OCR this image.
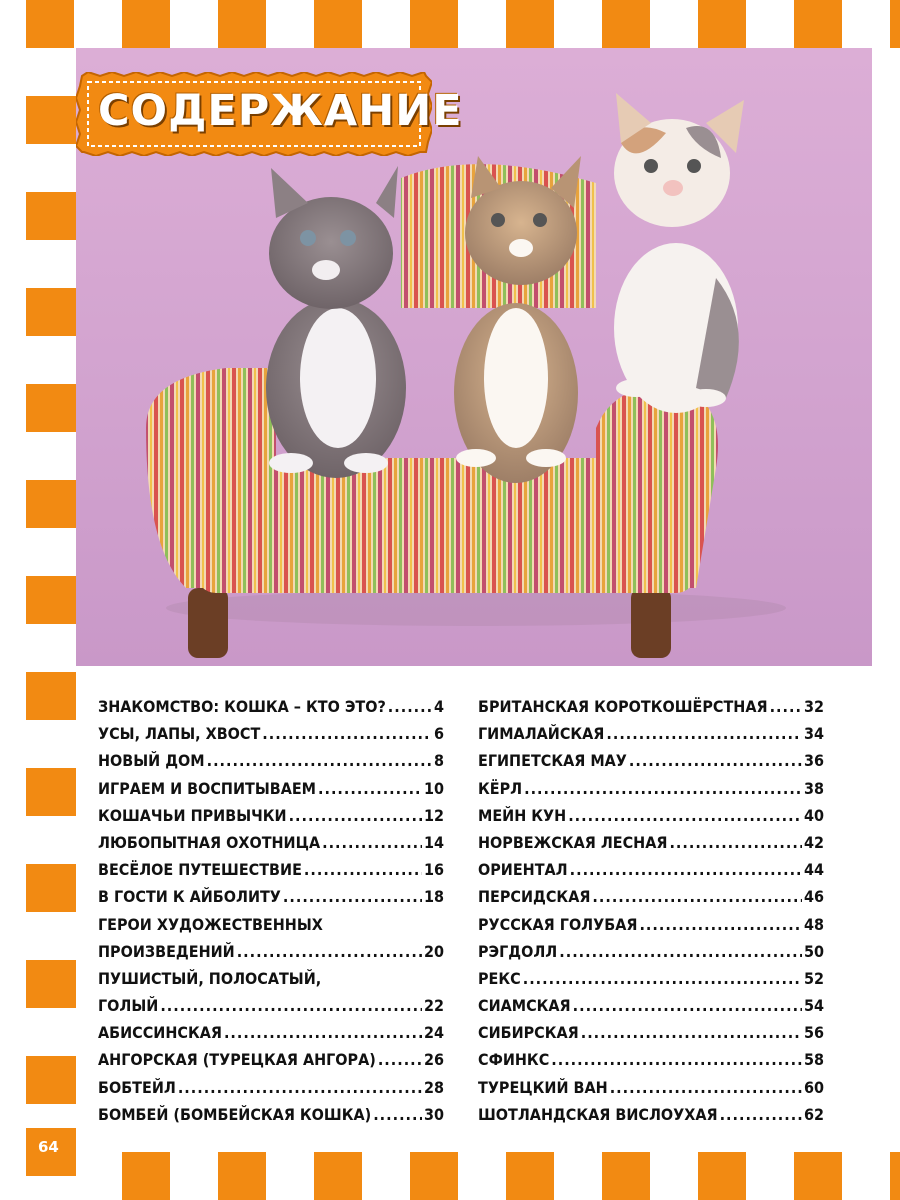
СОДЕРЖАНИЕ
ЗНАКОМСТВО: КОШКА – КТО ЭТО? .....	4
УСЫ, ЛАПЫ, ХВОСТ .....	6
НОВЫЙ ДОМ .....	8
ИГРАЕМ И ВОСПИТЫВАЕМ .....	10
КОШАЧЬИ ПРИВЫЧКИ .....	12
ЛЮБОПЫТНАЯ ОХОТНИЦА .....	14
ВЕСЁЛОЕ ПУТЕШЕСТВИЕ .....	16
В ГОСТИ К АЙБОЛИТУ .....	18
ГЕРОИ ХУДОЖЕСТВЕННЫХ
ПРОИЗВЕДЕНИЙ .....	20
ПУШИСТЫЙ, ПОЛОСАТЫЙ,
ГОЛЫЙ .....	22
АБИССИНСКАЯ .....	24
АНГОРСКАЯ (ТУРЕЦКАЯ АНГОРА) .....	26
БОБТЕЙЛ .....	28
БОМБЕЙ (БОМБЕЙСКАЯ КОШКА) .....	30
БРИТАНСКАЯ КОРОТКОШЁРСТНАЯ ..... 32
ГИМАЛАЙСКАЯ .....	34
ЕГИПЕТСКАЯ МАУ .....	36
КЁРЛ .....	38
МЕЙН КУН .....	40
НОРВЕЖСКАЯ ЛЕСНАЯ .....	42
ОРИЕНТАЛ .....	44
ПЕРСИДСКАЯ .....	46
РУССКАЯ ГОЛУБАЯ .....	48
РЭГДОЛЛ .....	50
РЕКС .....	52
СИАМСКАЯ .....	54
СИБИРСКАЯ .....	56
СФИНКС .....	58
ТУРЕЦКИЙ ВАН .....	60
ШОТЛАНДСКАЯ ВИСЛОУХАЯ .....	62
64
